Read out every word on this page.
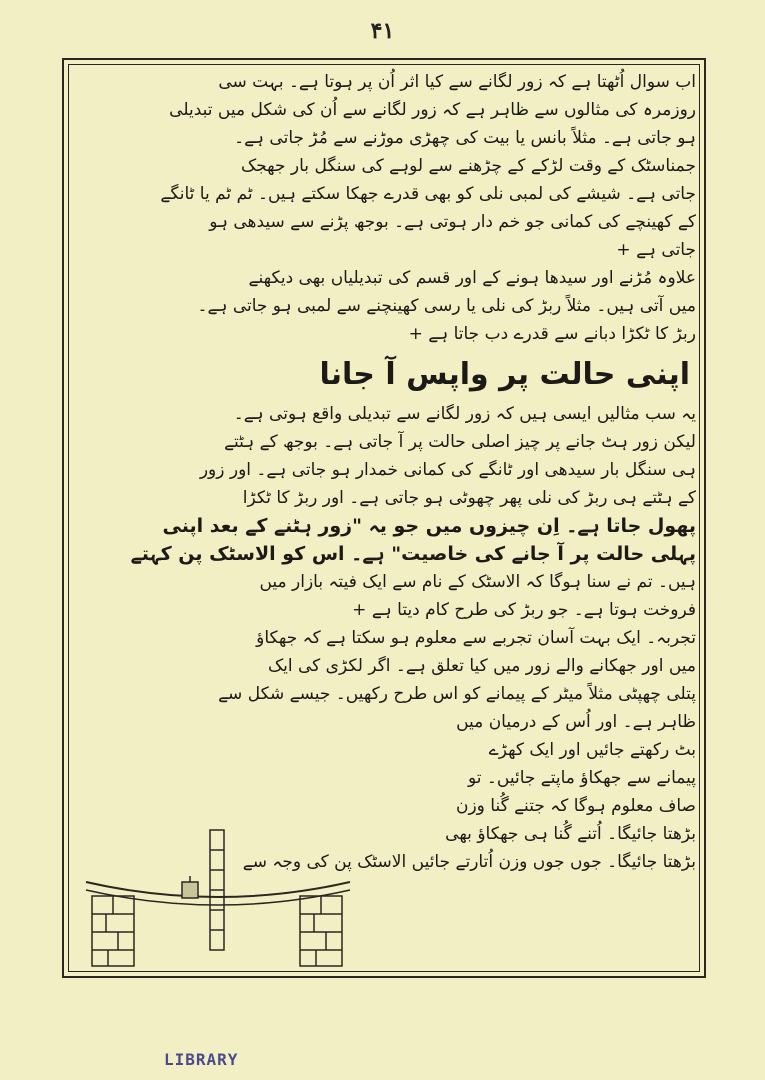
۴۱
اب سوال اُٹھتا ہے کہ زور لگانے سے کیا اثر اُن پر ہوتا ہے۔ بہت سی
روزمرہ کی مثالوں سے ظاہر ہے کہ زور لگانے سے اُن کی شکل میں تبدیلی
ہو جاتی ہے۔ مثلاً بانس یا بیت کی چھڑی موڑنے سے مُڑ جاتی ہے۔
جمناسٹک کے وقت لڑکے کے چڑھنے سے لوہے کی سنگل بار جھجک
جاتی ہے۔ شیشے کی لمبی نلی کو بھی قدرے جھکا سکتے ہیں۔ ٹم ٹم یا ٹانگے
کے کھینچے کی کمانی جو خم دار ہوتی ہے۔ بوجھ پڑنے سے سیدھی ہو
جاتی ہے +
علاوہ مُڑنے اور سیدھا ہونے کے اور قسم کی تبدیلیاں بھی دیکھنے
میں آتی ہیں۔ مثلاً ربڑ کی نلی یا رسی کھینچنے سے لمبی ہو جاتی ہے۔
ربڑ کا ٹکڑا دبانے سے قدرے دب جاتا ہے +
اپنی حالت پر واپس آ جانا
یہ سب مثالیں ایسی ہیں کہ زور لگانے سے تبدیلی واقع ہوتی ہے۔
لیکن زور ہٹ جانے پر چیز اصلی حالت پر آ جاتی ہے۔ بوجھ کے ہٹتے
ہی سنگل بار سیدھی اور ٹانگے کی کمانی خمدار ہو جاتی ہے۔ اور زور
کے ہٹتے ہی ربڑ کی نلی پھر چھوٹی ہو جاتی ہے۔ اور ربڑ کا ٹکڑا
پھول جاتا ہے۔ اِن چیزوں میں جو یہ "زور ہٹنے کے بعد اپنی
پہلی حالت پر آ جانے کی خاصیت" ہے۔ اس کو الاسٹک پن کہتے
ہیں۔ تم نے سنا ہوگا کہ الاسٹک کے نام سے ایک فیتہ بازار میں
فروخت ہوتا ہے۔ جو ربڑ کی طرح کام دیتا ہے +
تجربہ۔ ایک بہت آسان تجربے سے معلوم ہو سکتا ہے کہ جھکاؤ
میں اور جھکانے والے زور میں کیا تعلق ہے۔ اگر لکڑی کی ایک
پتلی چھپٹی مثلاً میٹر کے پیمانے کو اس طرح رکھیں۔ جیسے شکل سے
ظاہر ہے۔ اور اُس کے درمیان میں
بٹ رکھتے جائیں اور ایک کھڑے
پیمانے سے جھکاؤ ماپتے جائیں۔ تو
صاف معلوم ہوگا کہ جتنے گُنا وزن
بڑھتا جائیگا۔ اُتنے گُنا ہی جھکاؤ بھی
بڑھتا جائیگا۔ جوں جوں وزن اُتارتے جائیں الاسٹک پن کی وجہ سے
LIBRARY
